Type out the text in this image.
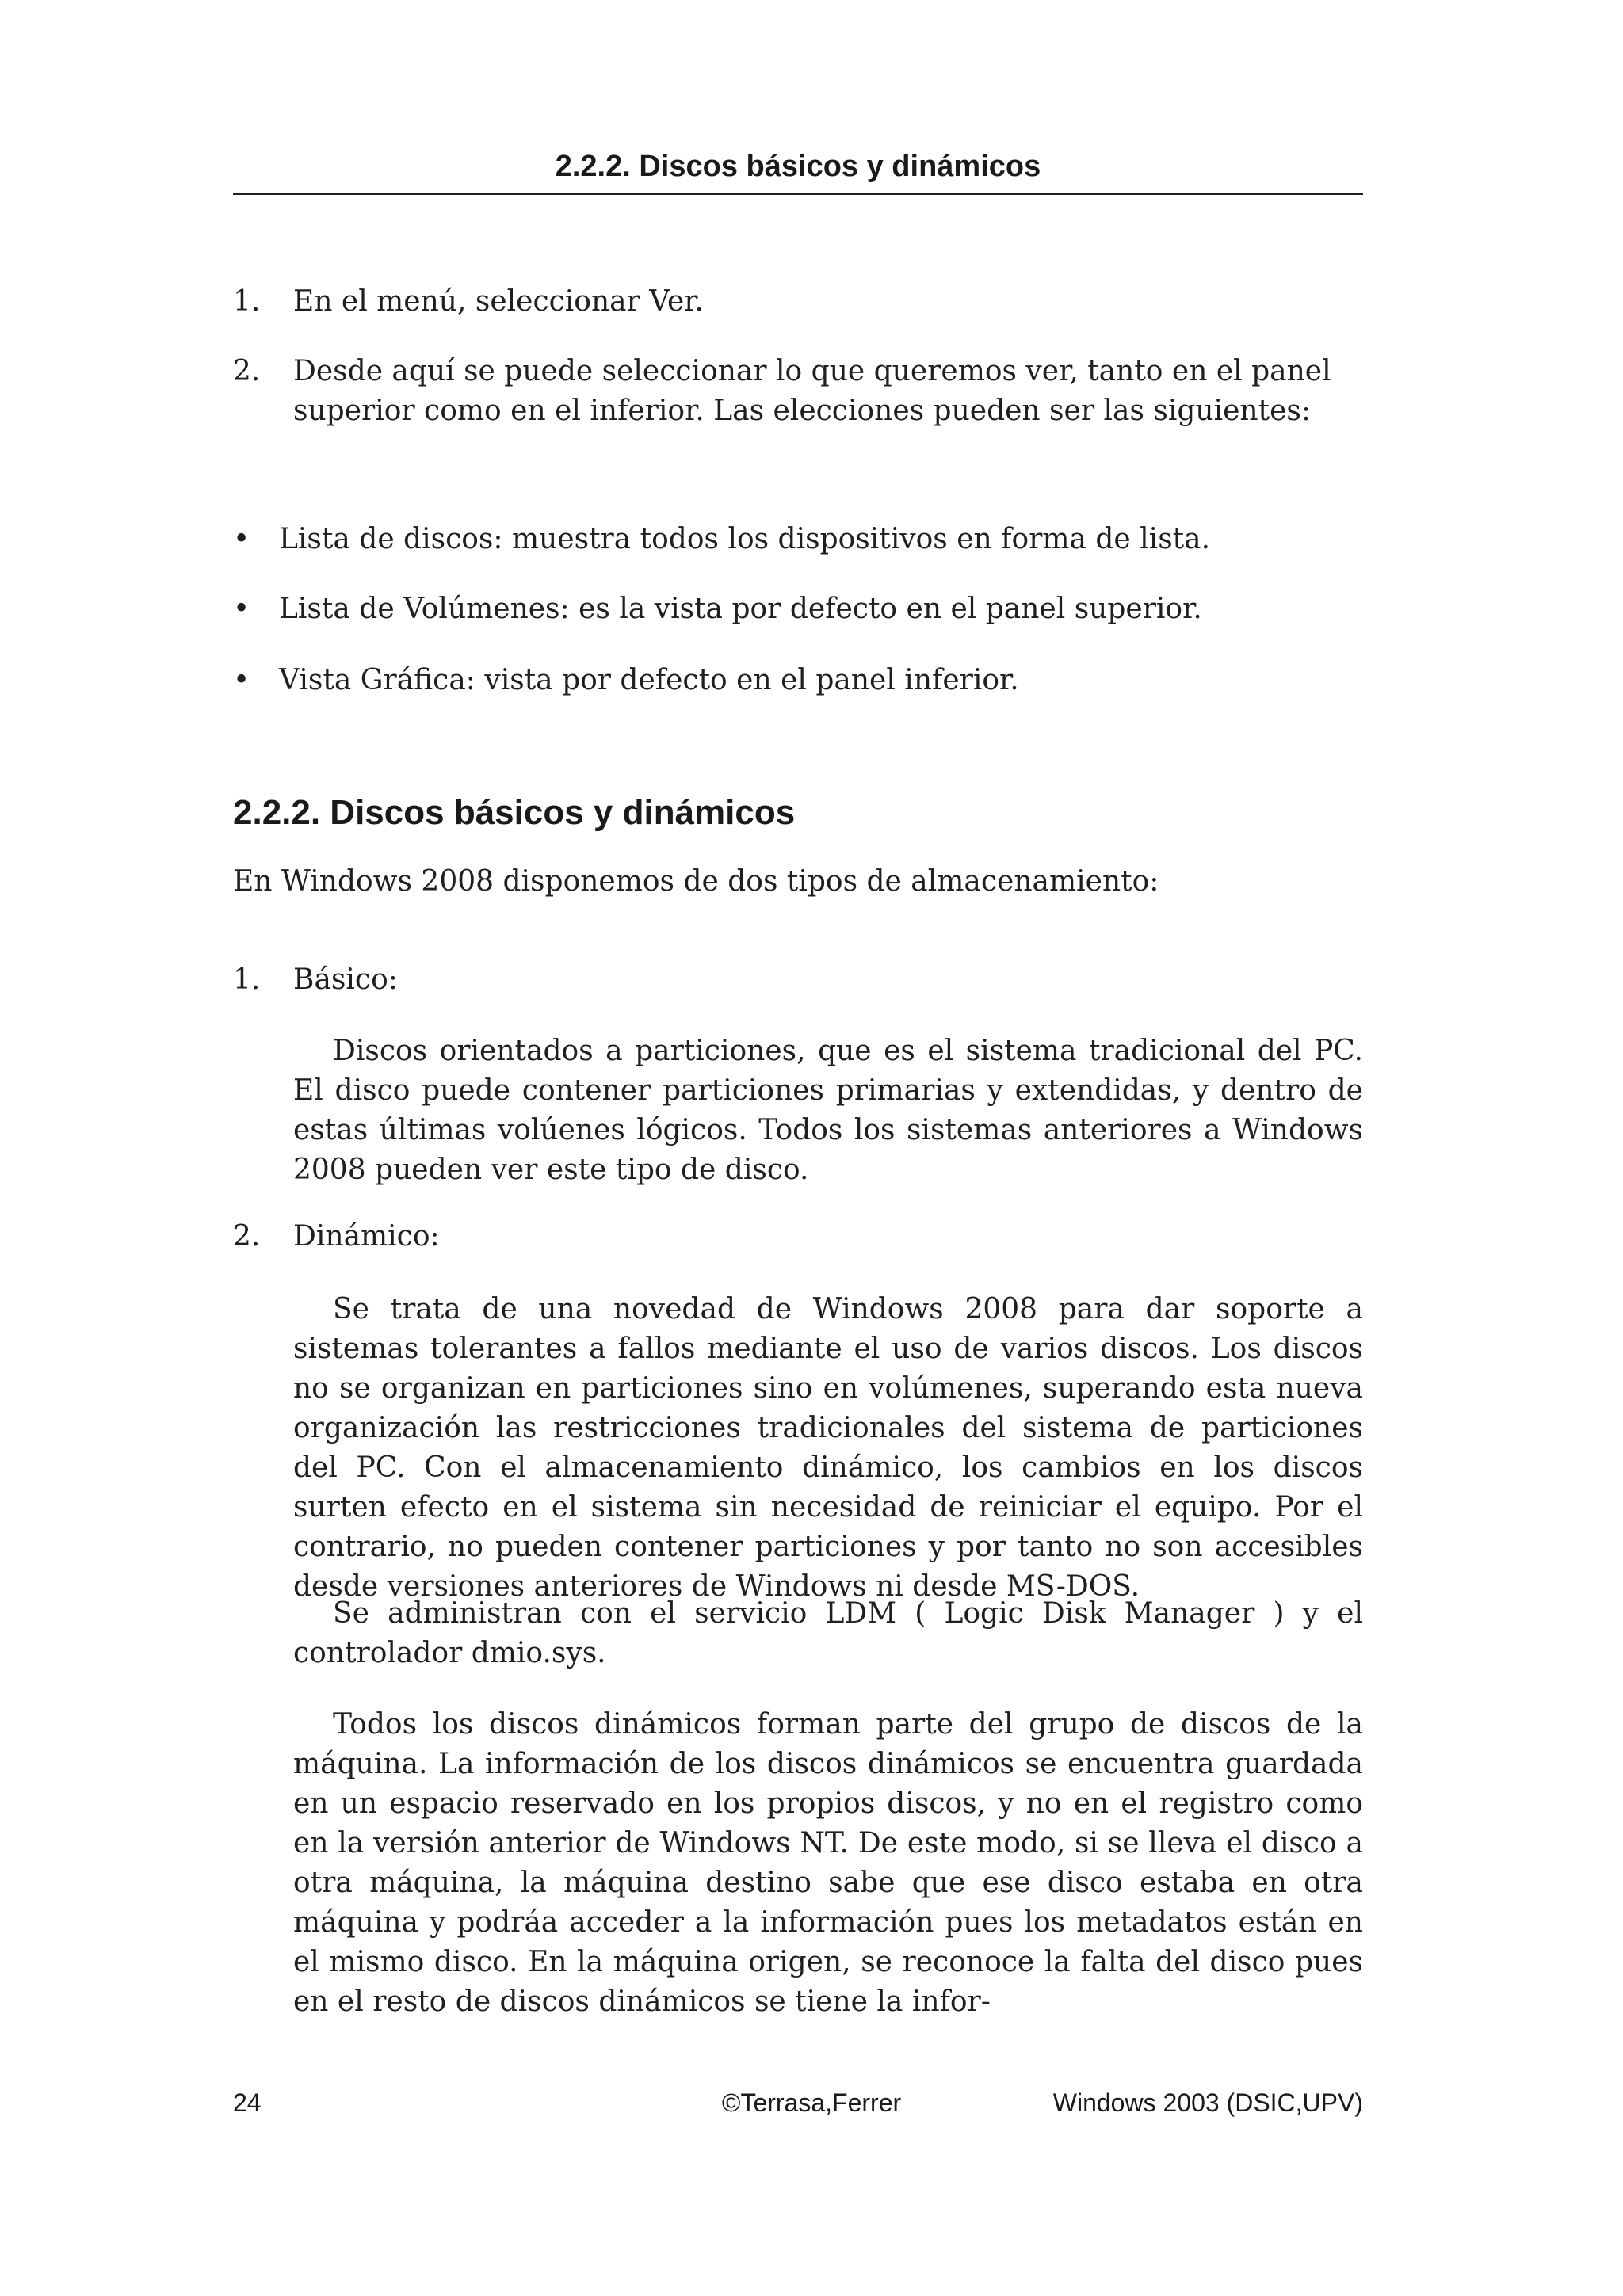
2.2.2. Discos básicos y dinámicos
1.	En el menú, seleccionar Ver.
2.	Desde aquí se puede seleccionar lo que queremos ver, tanto en el panel superior como en el inferior. Las elecciones pueden ser las siguientes:
•	Lista de discos: muestra todos los dispositivos en forma de lista.
•	Lista de Volúmenes: es la vista por defecto en el panel superior.
•	Vista Gráfica: vista por defecto en el panel inferior.
2.2.2. Discos básicos y dinámicos
En Windows 2008 disponemos de dos tipos de almacenamiento:
1.	Básico:
Discos orientados a particiones, que es el sistema tradicional del PC. El disco puede contener particiones primarias y extendidas, y dentro de estas últimas volúenes lógicos. Todos los sistemas anteriores a Windows 2008 pueden ver este tipo de disco.
2.	Dinámico:
Se trata de una novedad de Windows 2008 para dar soporte a sistemas tolerantes a fallos mediante el uso de varios discos. Los discos no se organizan en particiones sino en volúmenes, superando esta nueva organización las restricciones tradicionales del sistema de particiones del PC. Con el almacenamiento dinámico, los cambios en los discos surten efecto en el sistema sin necesidad de reiniciar el equipo. Por el contrario, no pueden contener particiones y por tanto no son accesibles desde versiones anteriores de Windows ni desde MS-DOS.
Se administran con el servicio LDM ( Logic Disk Manager ) y el controlador dmio.sys.
Todos los discos dinámicos forman parte del grupo de discos de la máquina. La información de los discos dinámicos se encuentra guardada en un espacio reservado en los propios discos, y no en el registro como en la versión anterior de Windows NT. De este modo, si se lleva el disco a otra máquina, la máquina destino sabe que ese disco estaba en otra máquina y podráa acceder a la información pues los metadatos están en el mismo disco. En la máquina origen, se reconoce la falta del disco pues en el resto de discos dinámicos se tiene la infor-
24	©Terrasa,Ferrer	Windows 2003 (DSIC,UPV)
